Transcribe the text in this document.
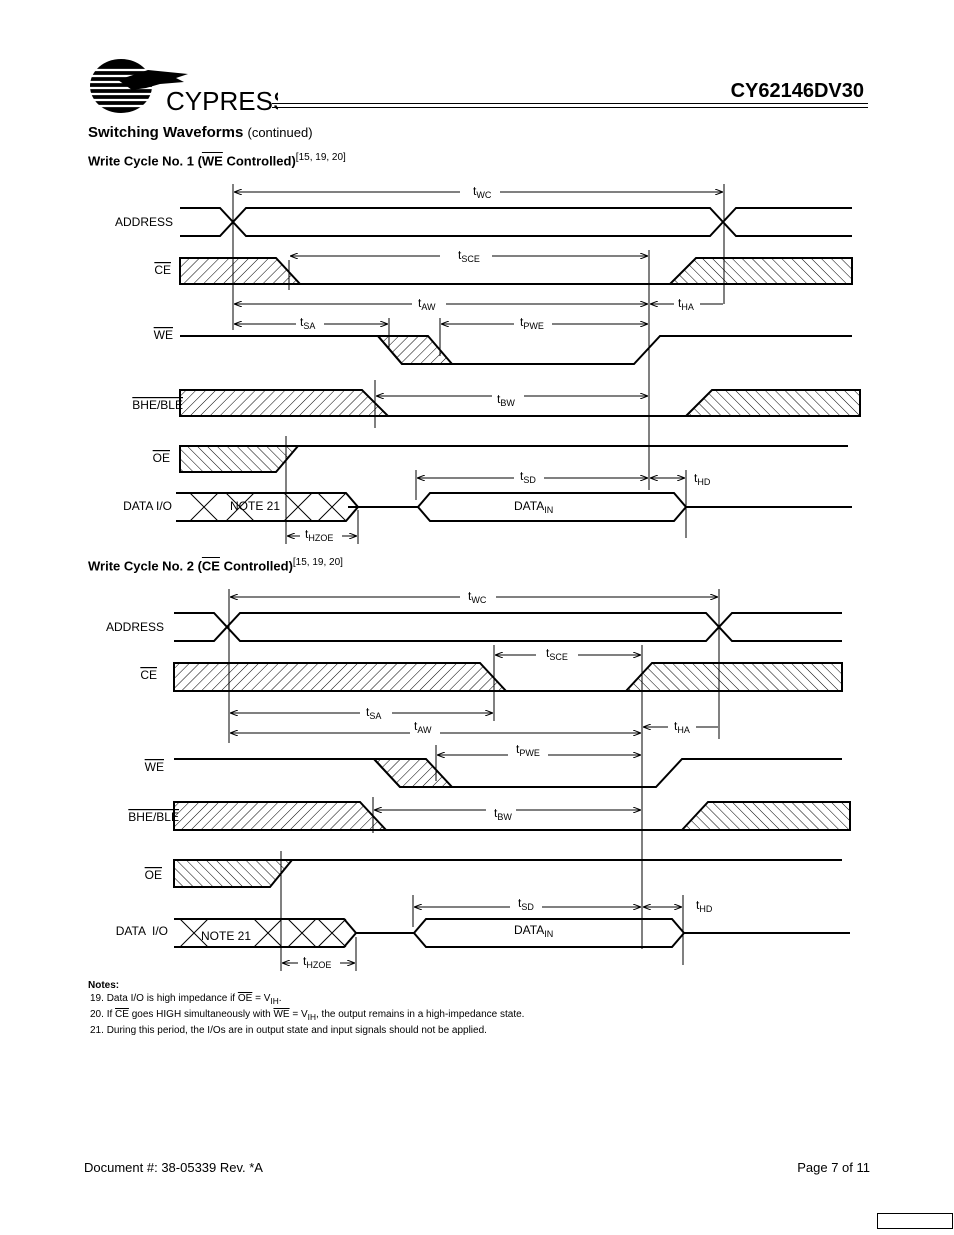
CYPRESS	CY62146DV30
Switching Waveforms (continued)
Write Cycle No. 1 ($\overline{WE}$ Controlled)[15, 19, 20]
ADDRESS
CE
WE
BHE/BLE
OE
DATA I/O	NOTE 21	$DATA_{IN}$
$t_{WC}$
$t_{SCE}$
$t_{AW}$	$t_{HA}$
$t_{SA}$	$t_{PWE}$
$t_{BW}$
$t_{SD}$	$t_{HD}$
$t_{HZOE}$
Write Cycle No. 2 ($\overline{CE}$ Controlled)[15, 19, 20]
ADDRESS
CE
WE
BHE/BLE
OE
DATA  I/O	NOTE 21	$DATA_{IN}$
$t_{WC}$
$t_{SCE}$
$t_{SA}$
$t_{AW}$	$t_{HA}$
$t_{PWE}$
$t_{BW}$
$t_{SD}$	$t_{HD}$
$t_{HZOE}$
Notes:
19. Data I/O is high impedance if $\overline{OE} = V_{IH}$.
20. If $\overline{CE}$ goes HIGH simultaneously with $\overline{WE} = V_{IH}$, the output remains in a high-impedance state.
21. During this period, the I/Os are in output state and input signals should not be applied.
Document #: 38-05339 Rev. *A	Page 7 of 11
